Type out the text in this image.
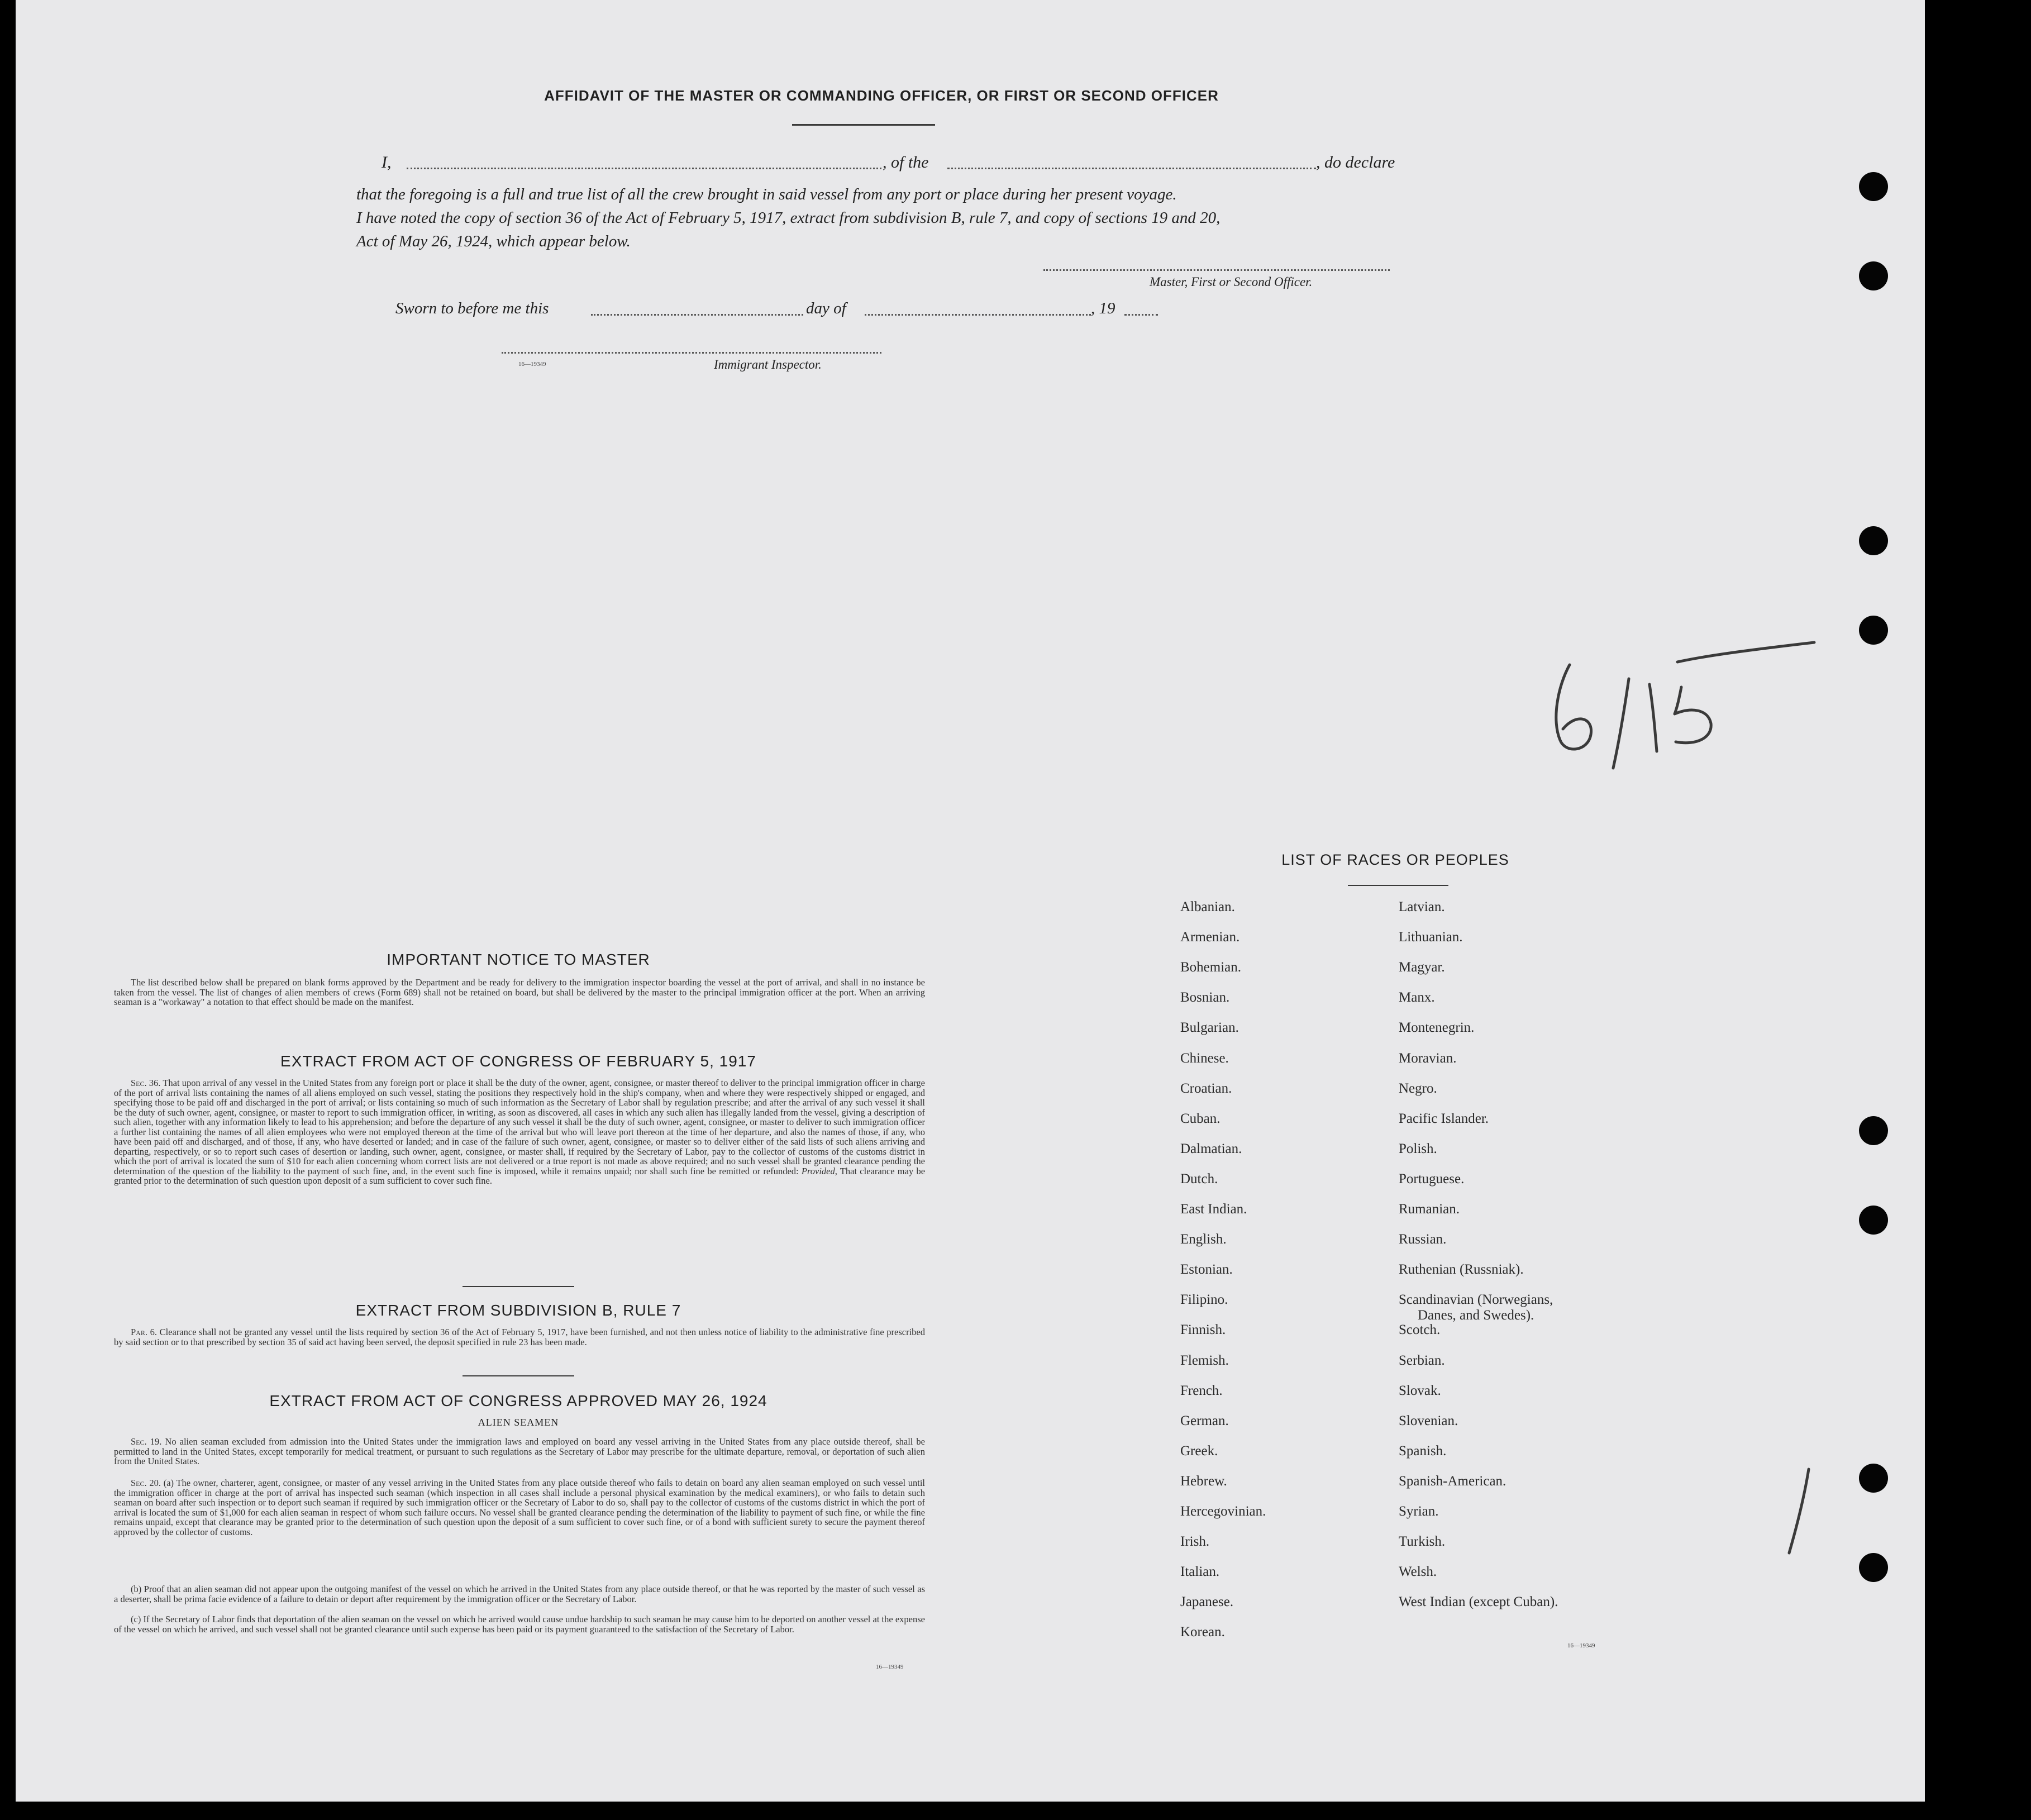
AFFIDAVIT OF THE MASTER OR COMMANDING OFFICER, OR FIRST OR SECOND OFFICER
I,	, of the	, do declare
that the foregoing is a full and true list of all the crew brought in said vessel from any port or place during her present voyage.
I have noted the copy of section 36 of the Act of February 5, 1917, extract from subdivision B, rule 7, and copy of sections 19 and 20,
Act of May 26, 1924, which appear below.
Master, First or Second Officer.
Sworn to before me this	day of	, 19
16—19349	Immigrant Inspector.
IMPORTANT NOTICE TO MASTER
The list described below shall be prepared on blank forms approved by the Department and be ready for delivery to the immigration inspector boarding the vessel at the port of arrival, and shall in no instance be taken from the vessel. The list of changes of alien members of crews (Form 689) shall not be retained on board, but shall be delivered by the master to the principal immigration officer at the port. When an arriving seaman is a "workaway" a notation to that effect should be made on the manifest.
EXTRACT FROM ACT OF CONGRESS OF FEBRUARY 5, 1917
Sec. 36. That upon arrival of any vessel in the United States from any foreign port or place it shall be the duty of the owner, agent, consignee, or master thereof to deliver to the principal immigration officer in charge of the port of arrival lists containing the names of all aliens employed on such vessel, stating the positions they respectively hold in the ship's company, when and where they were respectively shipped or engaged, and specifying those to be paid off and discharged in the port of arrival; or lists containing so much of such information as the Secretary of Labor shall by regulation prescribe; and after the arrival of any such vessel it shall be the duty of such owner, agent, consignee, or master to report to such immigration officer, in writing, as soon as discovered, all cases in which any such alien has illegally landed from the vessel, giving a description of such alien, together with any information likely to lead to his apprehension; and before the departure of any such vessel it shall be the duty of such owner, agent, consignee, or master to deliver to such immigration officer a further list containing the names of all alien employees who were not employed thereon at the time of the arrival but who will leave port thereon at the time of her departure, and also the names of those, if any, who have been paid off and discharged, and of those, if any, who have deserted or landed; and in case of the failure of such owner, agent, consignee, or master so to deliver either of the said lists of such aliens arriving and departing, respectively, or so to report such cases of desertion or landing, such owner, agent, consignee, or master shall, if required by the Secretary of Labor, pay to the collector of customs of the customs district in which the port of arrival is located the sum of $10 for each alien concerning whom correct lists are not delivered or a true report is not made as above required; and no such vessel shall be granted clearance pending the determination of the question of the liability to the payment of such fine, and, in the event such fine is imposed, while it remains unpaid; nor shall such fine be remitted or refunded: Provided, That clearance may be granted prior to the determination of such question upon deposit of a sum sufficient to cover such fine.
EXTRACT FROM SUBDIVISION B, RULE 7
Par. 6. Clearance shall not be granted any vessel until the lists required by section 36 of the Act of February 5, 1917, have been furnished, and not then unless notice of liability to the administrative fine prescribed by said section or to that prescribed by section 35 of said act having been served, the deposit specified in rule 23 has been made.
EXTRACT FROM ACT OF CONGRESS APPROVED MAY 26, 1924
ALIEN SEAMEN
Sec. 19. No alien seaman excluded from admission into the United States under the immigration laws and employed on board any vessel arriving in the United States from any place outside thereof, shall be permitted to land in the United States, except temporarily for medical treatment, or pursuant to such regulations as the Secretary of Labor may prescribe for the ultimate departure, removal, or deportation of such alien from the United States.
Sec. 20. (a) The owner, charterer, agent, consignee, or master of any vessel arriving in the United States from any place outside thereof who fails to detain on board any alien seaman employed on such vessel until the immigration officer in charge at the port of arrival has inspected such seaman (which inspection in all cases shall include a personal physical examination by the medical examiners), or who fails to detain such seaman on board after such inspection or to deport such seaman if required by such immigration officer or the Secretary of Labor to do so, shall pay to the collector of customs of the customs district in which the port of arrival is located the sum of $1,000 for each alien seaman in respect of whom such failure occurs. No vessel shall be granted clearance pending the determination of the liability to payment of such fine, or while the fine remains unpaid, except that clearance may be granted prior to the determination of such question upon the deposit of a sum sufficient to cover such fine, or of a bond with sufficient surety to secure the payment thereof approved by the collector of customs.
(b) Proof that an alien seaman did not appear upon the outgoing manifest of the vessel on which he arrived in the United States from any place outside thereof, or that he was reported by the master of such vessel as a deserter, shall be prima facie evidence of a failure to detain or deport after requirement by the immigration officer or the Secretary of Labor.
(c) If the Secretary of Labor finds that deportation of the alien seaman on the vessel on which he arrived would cause undue hardship to such seaman he may cause him to be deported on another vessel at the expense of the vessel on which he arrived, and such vessel shall not be granted clearance until such expense has been paid or its payment guaranteed to the satisfaction of the Secretary of Labor.
16—19349
LIST OF RACES OR PEOPLES
16—19349
Albanian.
Armenian.
Bohemian.
Bosnian.
Bulgarian.
Chinese.
Croatian.
Cuban.
Dalmatian.
Dutch.
East Indian.
English.
Estonian.
Filipino.
Finnish.
Flemish.
French.
German.
Greek.
Hebrew.
Hercegovinian.
Irish.
Italian.
Japanese.
Korean.
Latvian.
Lithuanian.
Magyar.
Manx.
Montenegrin.
Moravian.
Negro.
Pacific Islander.
Polish.
Portuguese.
Rumanian.
Russian.
Ruthenian (Russniak).
Scandinavian (Norwegians,
Danes, and Swedes).
Scotch.
Serbian.
Slovak.
Slovenian.
Spanish.
Spanish-American.
Syrian.
Turkish.
Welsh.
West Indian (except Cuban).
